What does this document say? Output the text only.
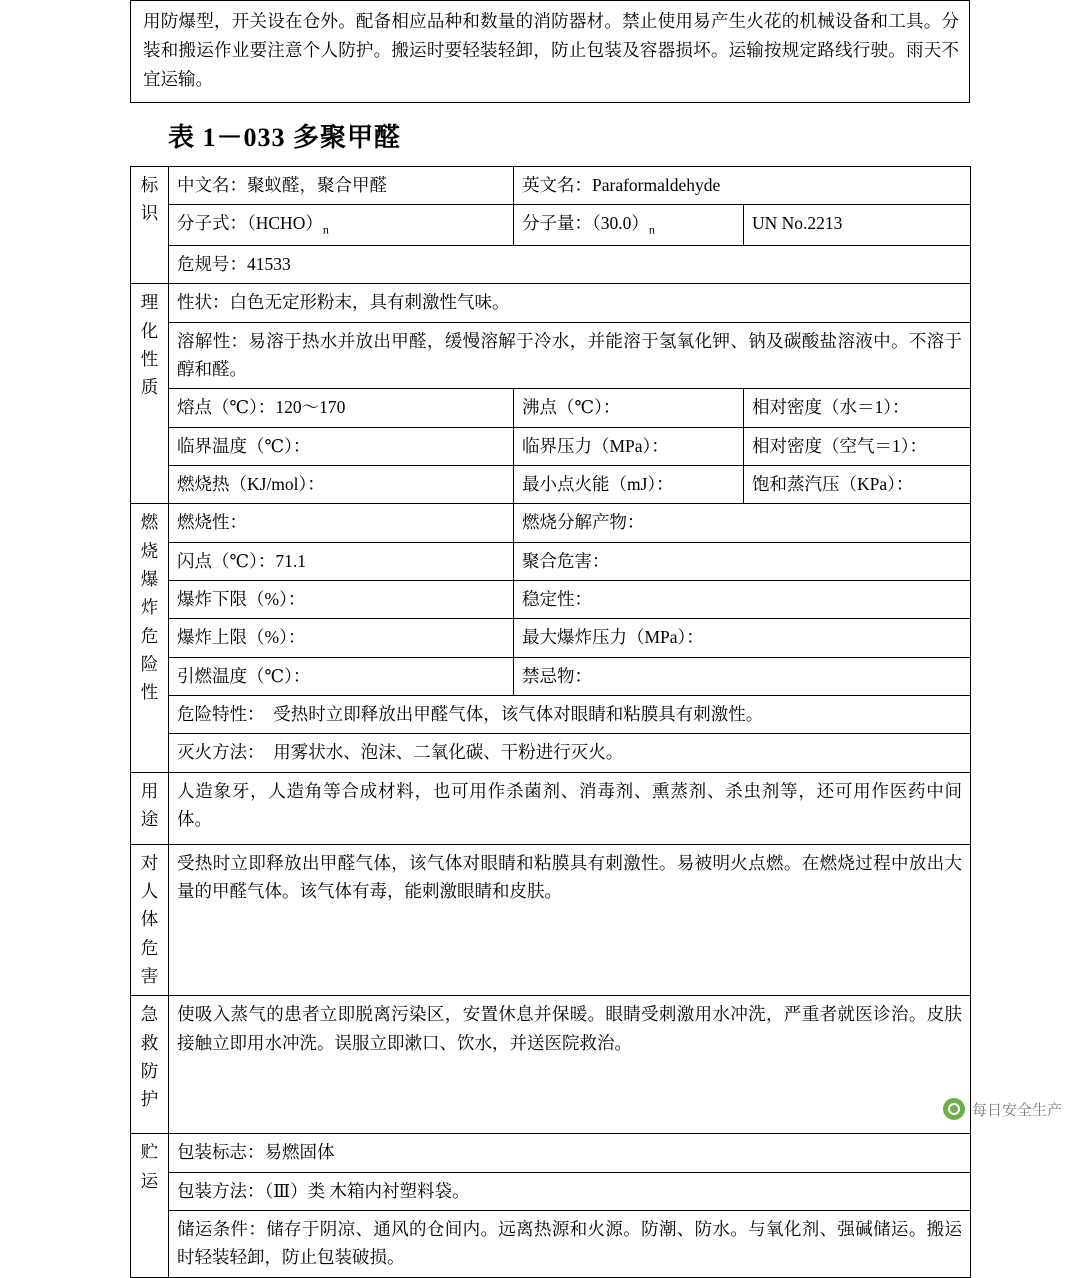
用防爆型，开关设在仓外。配备相应品种和数量的消防器材。禁止使用易产生火花的机械设备和工具。分装和搬运作业要注意个人防护。搬运时要轻装轻卸，防止包装及容器损坏。运输按规定路线行驶。雨天不宜运输。
表 1－033 多聚甲醛
标识	中文名：聚蚁醛，聚合甲醛	英文名：Paraformaldehyde	
	分子式：$(HCHO)_n$	分子量：$(30.0)_n$	UN No.2213
	危规号：41533		

理
化
性
质	性状：白色无定形粉末，具有刺激性气味。		
	溶解性：易溶于热水并放出甲醛，缓慢溶解于冷水，并能溶于氢氧化钾、钠及碳酸盐溶液中。不溶于醇和醛。		
	熔点（℃）：120～170	沸点（℃）：	相对密度（水＝1）：
	临界温度（℃）：	临界压力（MPa）：	相对密度（空气＝1）：
	燃烧热（KJ/mol）：	最小点火能（mJ）：	饱和蒸汽压（KPa）：

燃
烧
爆
炸
危
险
性
	燃烧性：	燃烧分解产物：
	闪点（℃）：71.1	聚合危害：	
	爆炸下限（%）：	稳定性：	
	爆炸上限（%）：	最大爆炸压力（MPa）：	
	引燃温度（℃）：	禁忌物：	
	危险特性： 受热时立即释放出甲醛气体，该气体对眼睛和粘膜具有刺激性。		
	灭火方法： 用雾状水、泡沫、二氧化碳、干粉进行灭火。		

用
途	人造象牙，人造角等合成材料，也可用作杀菌剂、消毒剂、熏蒸剂、杀虫剂等，还可用作医药中间体。		

对
人
体
危
害	受热时立即释放出甲醛气体，该气体对眼睛和粘膜具有刺激性。易被明火点燃。在燃烧过程中放出大量的甲醛气体。该气体有毒，能刺激眼睛和皮肤。		

急
救
防
护	使吸入蒸气的患者立即脱离污染区，安置休息并保暖。眼睛受刺激用水冲洗，严重者就医诊治。皮肤接触立即用水冲洗。误服立即漱口、饮水，并送医院救治。		

贮
运	包装标志：易燃固体		
	包装方法：（Ⅲ）类 木箱内衬塑料袋。		
	储运条件：储存于阴凉、通风的仓间内。远离热源和火源。防潮、防水。与氧化剂、强碱储运。搬运时轻装轻卸，防止包装破损。		
每日安全生产
